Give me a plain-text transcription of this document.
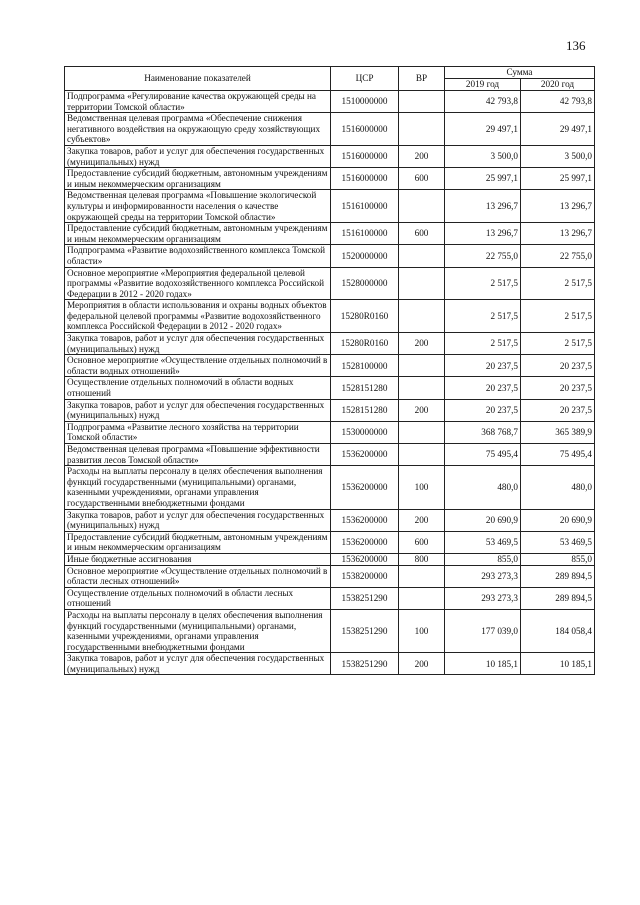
136
Наименование показателей	ЦСР	ВР	Сумма	
			2019 год	2020 год
Подпрограмма «Регулирование качества окружающей среды на территории Томской области»	1510000000		42 793,8	42 793,8
Ведомственная целевая программа «Обеспечение снижения негативного воздействия на окружающую среду хозяйствующих субъектов»	1516000000		29 497,1	29 497,1
Закупка товаров, работ и услуг для обеспечения государственных (муниципальных) нужд	1516000000	200	3 500,0	3 500,0
Предоставление субсидий бюджетным, автономным учреждениям и иным некоммерческим организациям	1516000000	600	25 997,1	25 997,1
Ведомственная целевая программа «Повышение экологической культуры и информированности населения о качестве окружающей среды на территории Томской области»	1516100000		13 296,7	13 296,7
Предоставление субсидий бюджетным, автономным учреждениям и иным некоммерческим организациям	1516100000	600	13 296,7	13 296,7
Подпрограмма «Развитие водохозяйственного комплекса Томской области»	1520000000		22 755,0	22 755,0
Основное мероприятие «Мероприятия федеральной целевой программы «Развитие водохозяйственного комплекса Российской Федерации в 2012 - 2020 годах»	1528000000		2 517,5	2 517,5
Мероприятия в области использования и охраны водных объектов федеральной целевой программы «Развитие водохозяйственного комплекса Российской Федерации в 2012 - 2020 годах»	15280R0160		2 517,5	2 517,5
Закупка товаров, работ и услуг для обеспечения государственных (муниципальных) нужд	15280R0160	200	2 517,5	2 517,5
Основное мероприятие «Осуществление отдельных полномочий в области водных отношений»	1528100000		20 237,5	20 237,5
Осуществление отдельных полномочий в области водных отношений	1528151280		20 237,5	20 237,5
Закупка товаров, работ и услуг для обеспечения государственных (муниципальных) нужд	1528151280	200	20 237,5	20 237,5
Подпрограмма «Развитие лесного хозяйства на территории Томской области»	1530000000		368 768,7	365 389,9
Ведомственная целевая программа «Повышение эффективности развития лесов Томской области»	1536200000		75 495,4	75 495,4
Расходы на выплаты персоналу в целях обеспечения выполнения функций государственными (муниципальными) органами, казенными учреждениями, органами управления государственными внебюджетными фондами	1536200000	100	480,0	480,0
Закупка товаров, работ и услуг для обеспечения государственных (муниципальных) нужд	1536200000	200	20 690,9	20 690,9
Предоставление субсидий бюджетным, автономным учреждениям и иным некоммерческим организациям	1536200000	600	53 469,5	53 469,5
Иные бюджетные ассигнования	1536200000	800	855,0	855,0
Основное мероприятие «Осуществление отдельных полномочий в области лесных отношений»	1538200000		293 273,3	289 894,5
Осуществление отдельных полномочий в области лесных отношений	1538251290		293 273,3	289 894,5
Расходы на выплаты персоналу в целях обеспечения выполнения функций государственными (муниципальными) органами, казенными учреждениями, органами управления государственными внебюджетными фондами	1538251290	100	177 039,0	184 058,4
Закупка товаров, работ и услуг для обеспечения государственных (муниципальных) нужд	1538251290	200	10 185,1	10 185,1
